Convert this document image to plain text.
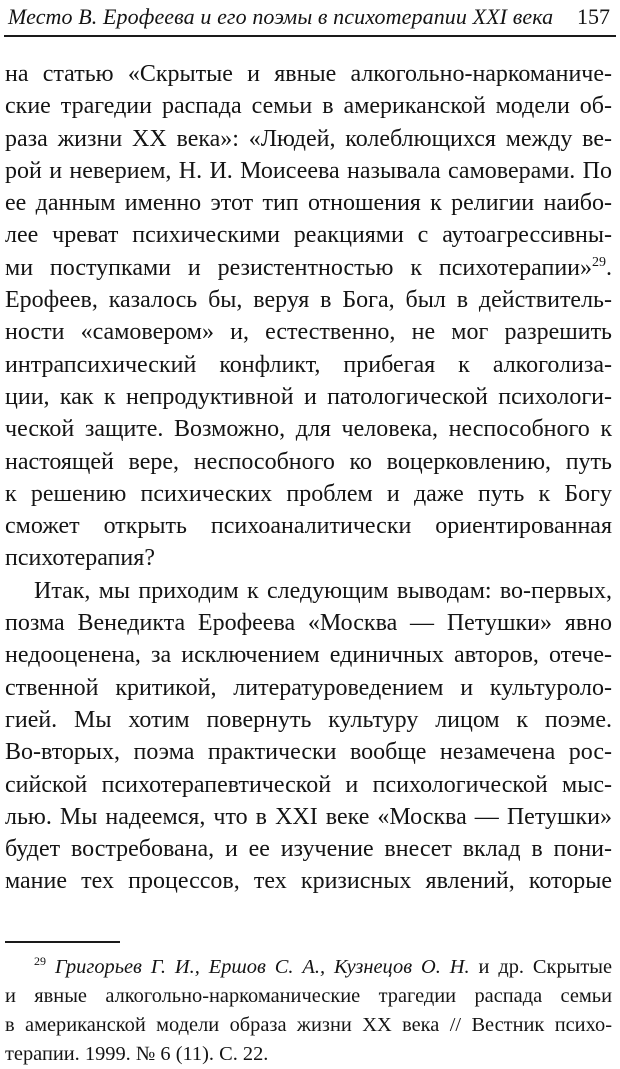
Место В. Ерофеева и его поэмы в психотерапии XXI века 157
на статью «Скрытые и явные алкогольно-наркоманиче-
ские трагедии распада семьи в американской модели об-
раза жизни XX века»: «Людей, колеблющихся между ве-
рой и неверием, Н. И. Моисеева называла самоверами. По
ее данным именно этот тип отношения к религии наибо-
лее чреват психическими реакциями с аутоагрессивны-
ми поступками и резистентностью к психотерапии»$^{29}$.
Ерофеев, казалось бы, веруя в Бога, был в действитель-
ности «самовером» и, естественно, не мог разрешить
интрапсихический конфликт, прибегая к алкоголиза-
ции, как к непродуктивной и патологической психологи-
ческой защите. Возможно, для человека, неспособного к
настоящей вере, неспособного ко воцерковлению, путь
к решению психических проблем и даже путь к Богу
сможет открыть психоаналитически ориентированная
психотерапия?
Итак, мы приходим к следующим выводам: во-первых,
позма Венедикта Ерофеева «Москва — Петушки» явно
недооценена, за исключением единичных авторов, отече-
ственной критикой, литературоведением и культуроло-
гией. Мы хотим повернуть культуру лицом к поэме.
Во-вторых, поэма практически вообще незамечена рос-
сийской психотерапевтической и психологической мыс-
лью. Мы надеемся, что в XXI веке «Москва — Петушки»
будет востребована, и ее изучение внесет вклад в пони-
мание тех процессов, тех кризисных явлений, которые
$^{29}$ Григорьев Г. И., Ершов С. А., Кузнецов О. Н. и др. Скрытые
и явные алкогольно-наркоманические трагедии распада семьи
в американской модели образа жизни XX века // Вестник психо-
терапии. 1999. № 6 (11). С. 22.
